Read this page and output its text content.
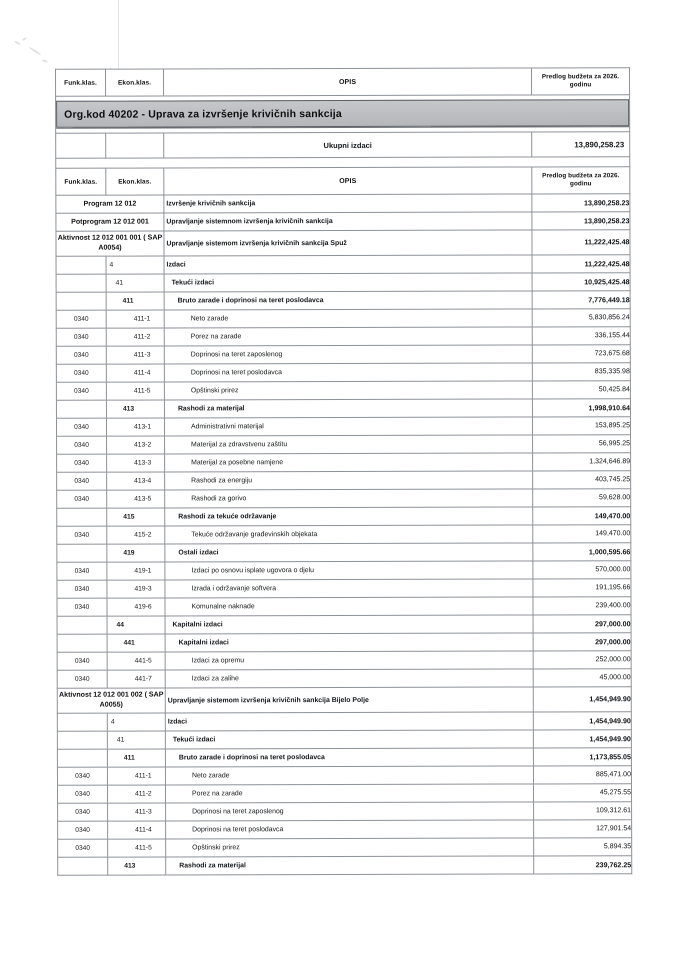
Funk.klas.	Ekon.klas.	OPIS	Predlog budžeta za 2026. godinu

Org.kod 40202 - Uprava za izvršenje krivičnih sankcija			

		Ukupni izdaci	13,890,258.23

Funk.klas.	Ekon.klas.	OPIS	Predlog budžeta za 2026. godinu
Program 12 012		Izvršenje krivičnih sankcija	13,890,258.23
Potprogram 12 012 001		Upravljanje sistemnom izvršenja krivičnih sankcija	13,890,258.23
Aktivnost 12 012 001 001 ( SAP A0054)		Upravljanje sistemom izvršenja krivičnih sankcija Spuž	11,222,425.48

	4	Izdaci	11,222,425.48

	41	Tekući izdaci	10,925,425.48

	411	Bruto zarade i doprinosi na teret poslodavca	7,776,449.18
0340	411-1	Neto zarade	5,830,856.24
0340	411-2	Porez na zarade	336,155.44
0340	411-3	Doprinosi na teret zaposlenog	723,675.68
0340	411-4	Doprinosi na teret poslodavca	835,335.98
0340	411-5	Opštinski prirez	50,425.84

	413	Rashodi za materijal	1,998,910.64
0340	413-1	Administrativni materijal	153,895.25
0340	413-2	Materijal za zdravstvenu zaštitu	56,995.25
0340	413-3	Materijal za posebne namjene	1,324,646.89
0340	413-4	Rashodi za energiju	403,745.25
0340	413-5	Rashodi za gorivo	59,628.00

	415	Rashodi za tekuće održavanje	149,470.00
0340	415-2	Tekuće održavanje građevinskih objekata	149,470.00

	419	Ostali izdaci	1,000,595.66
0340	419-1	Izdaci po osnovu isplate ugovora o djelu	570,000.00
0340	419-3	Izrada i održavanje softvera	191,195.66
0340	419-6	Komunalne naknade	239,400.00

	44	Kapitalni izdaci	297,000.00

	441	Kapitalni izdaci	297,000.00
0340	441-5	Izdaci za opremu	252,000.00
0340	441-7	Izdaci za zalihe	45,000.00
Aktivnost 12 012 001 002 ( SAP A0055)		Upravljanje sistemom izvršenja krivičnih sankcija Bijelo Polje	1,454,949.90

	4	Izdaci	1,454,949.90

	41	Tekući izdaci	1,454,949.90

	411	Bruto zarade i doprinosi na teret poslodavca	1,173,855.05
0340	411-1	Neto zarade	885,471.00
0340	411-2	Porez na zarade	45,275.55
0340	411-3	Doprinosi na teret zaposlenog	109,312.61
0340	411-4	Doprinosi na teret poslodavca	127,901.54
0340	411-5	Opštinski prirez	5,894.35

	413	Rashodi za materijal	239,762.25
